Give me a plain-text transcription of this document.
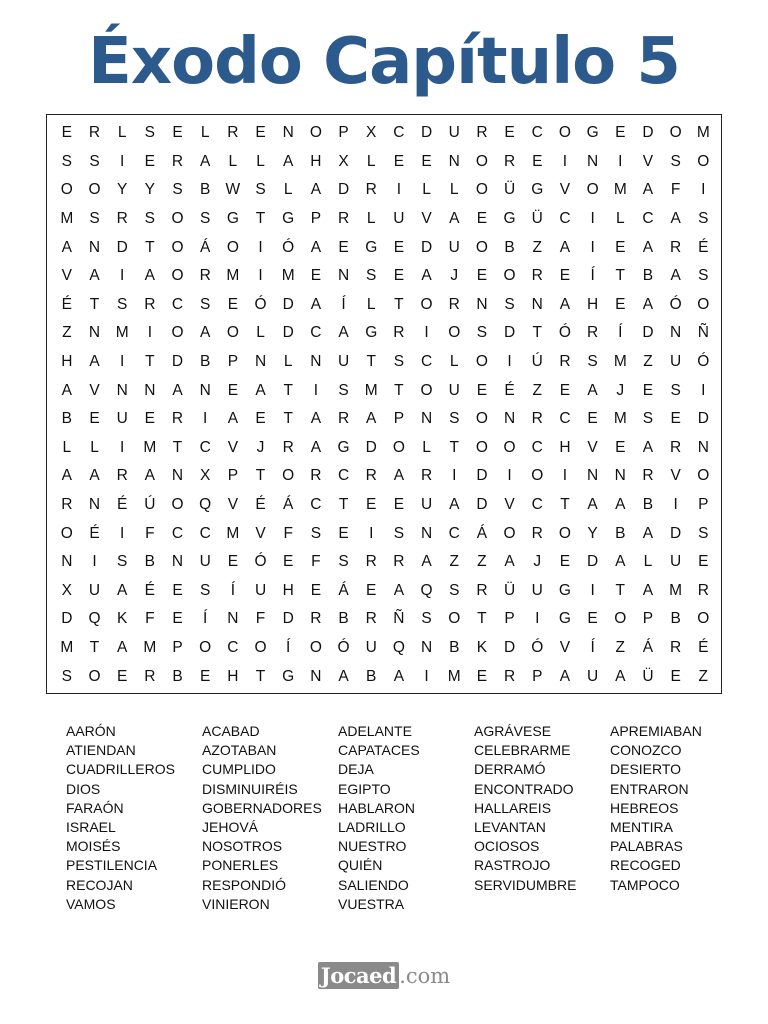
Éxodo Capítulo 5
E	R	L	S	E	L	R	E	N	O	P	X	C	D	U	R	E	C	O	G	E	D	O M
S	S	I	E	R	A	L	L	A	H	X	L	E	E	N	O	R	E	I	N	I	V	S	O
O	O	Y	Y	S	B W S	L	A	D	R	I	L	L	O	Ü	G	V	O M	A	F	I
M	S	R	S	O	S	G	T	G	P	R	L	U	V	A	E	G	Ü	C	I	L	C	A	S
A	N	D	T	O	Á	O	I	Ó	A	E	G	E	D	U	O	B	Z	A	I	E	A	R	É
V	A	I	A	O	R	M	I	M	E	N	S	E	A	J	E	O	R	E	Í	T	B	A	S
É	T	S	R	C	S	E	Ó	D	A	Í	L	T	O	R	N	S	N	A	H	E	A	Ó	O
Z	N	M	I	O	A	O	L	D	C	A	G	R	I	O	S	D	T	Ó	R	Í	D	N	Ñ
H	A	I	T	D	B	P	N	L	N	U	T	S	C	L	O	I	Ú	R	S	M	Z	U	Ó
A	V	N	N	A	N	E	A	T	I	S	M	T	O	U	E	É	Z	E	A	J	E	S	I
B	E	U	E	R	I	A	E	T	A	R	A	P	N	S	O	N	R	C	E	M	S	E	D
L	L	I	M	T	C	V	J	R	A	G	D	O	L	T	O	O	C	H	V	E	A	R	N
A	A	R	A	N	X	P	T	O	R	C	R	A	R	I	D	I	O	I	N	N	R	V	O
R	N	É	Ú	O	Q	V	É	Á	C	T	E	E	U	A	D	V	C	T	A	A	B	I	P
O	É	I	F	C	C	M	V	F	S	E	I	S	N	C	Á	O	R	O	Y	B	A	D	S
N	I	S	B	N	U	E	Ó	E	F	S	R	R	A	Z	Z	A	J	E	D	A	L	U	E
X	U	A	É	E	S	Í	U	H	E	Á	E	A	Q	S	R	Ü	U	G	I	T	A	M	R
D	Q	K	F	E	Í	N	F	D	R	B	R	Ñ	S	O	T	P	I	G	E	O	P	B	O
M	T	A	M	P	O	C	O	Í	O	Ó	U	Q	N	B	K	D	Ó	V	Í	Z	Á	R	É
S	O	E	R	B	E	H	T	G	N	A	B	A	I	M	E	R	P	A	U	A	Ü	E	Z
AARÓN
ATIENDAN
CUADRILLEROS
DIOS
FARAÓN
ISRAEL
MOISÉS
PESTILENCIA
RECOJAN
VAMOS
ACABAD
AZOTABAN
CUMPLIDO
DISMINUIRÉIS
GOBERNADORES
JEHOVÁ
NOSOTROS
PONERLES
RESPONDIÓ
VINIERON
ADELANTE
CAPATACES
DEJA
EGIPTO
HABLARON
LADRILLO
NUESTRO
QUIÉN
SALIENDO
VUESTRA
AGRÁVESE
CELEBRARME
DERRAMÓ
ENCONTRADO
HALLAREIS
LEVANTAN
OCIOSOS
RASTROJO
SERVIDUMBRE
APREMIABAN
CONOZCO
DESIERTO
ENTRARON
HEBREOS
MENTIRA
PALABRAS
RECOGED
TAMPOCO
Jocaed .com
